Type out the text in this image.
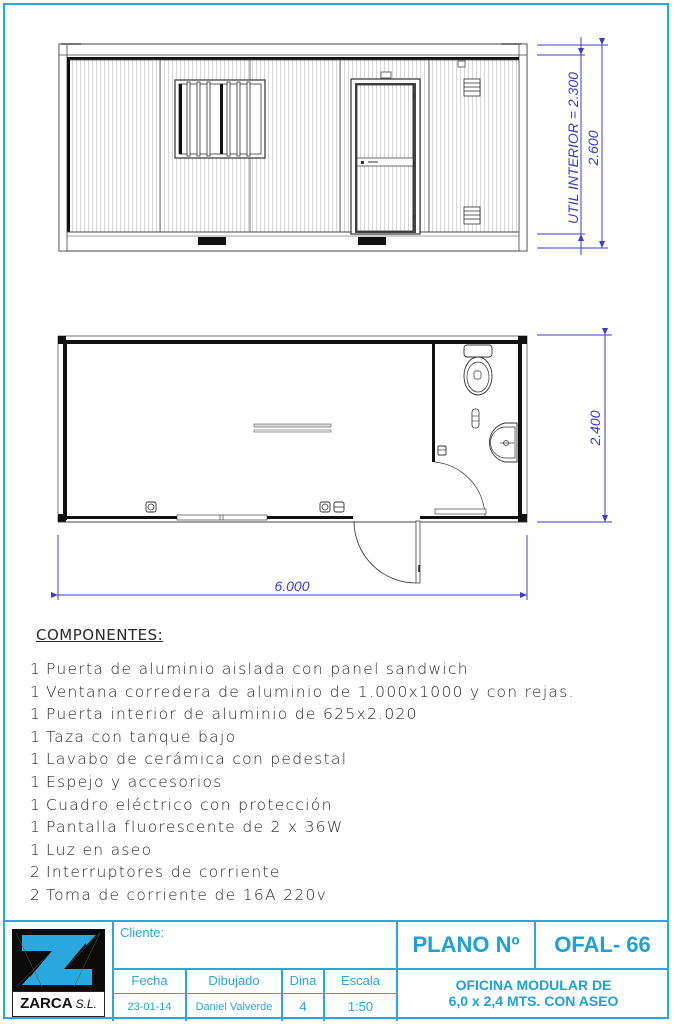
UTIL INTERIOR = 2.300 2.600
2.400
6.000
COMPONENTES:
1 Puerta de aluminio aislada con panel sandwich
1 Ventana corredera de aluminio de 1.000x1000 y con rejas.
1 Puerta interior de aluminio de 625x2.020
1 Taza con tanque bajo
1 Lavabo de cerámica con pedestal
1 Espejo y accesorios
1 Cuadro eléctrico con protección
1 Pantalla fluorescente de 2 x 36W
1 Luz en aseo
2 Interruptores de corriente
2 Toma de corriente de 16A 220v
ZARCA S.L.
Cliente:
Fecha	Dibujado	Dina	Escala
23-01-14	Daniel Valverde	4	1:50
PLANO Nº	OFAL- 66
OFICINA MODULAR DE
6,0 x 2,4 MTS. CON ASEO
